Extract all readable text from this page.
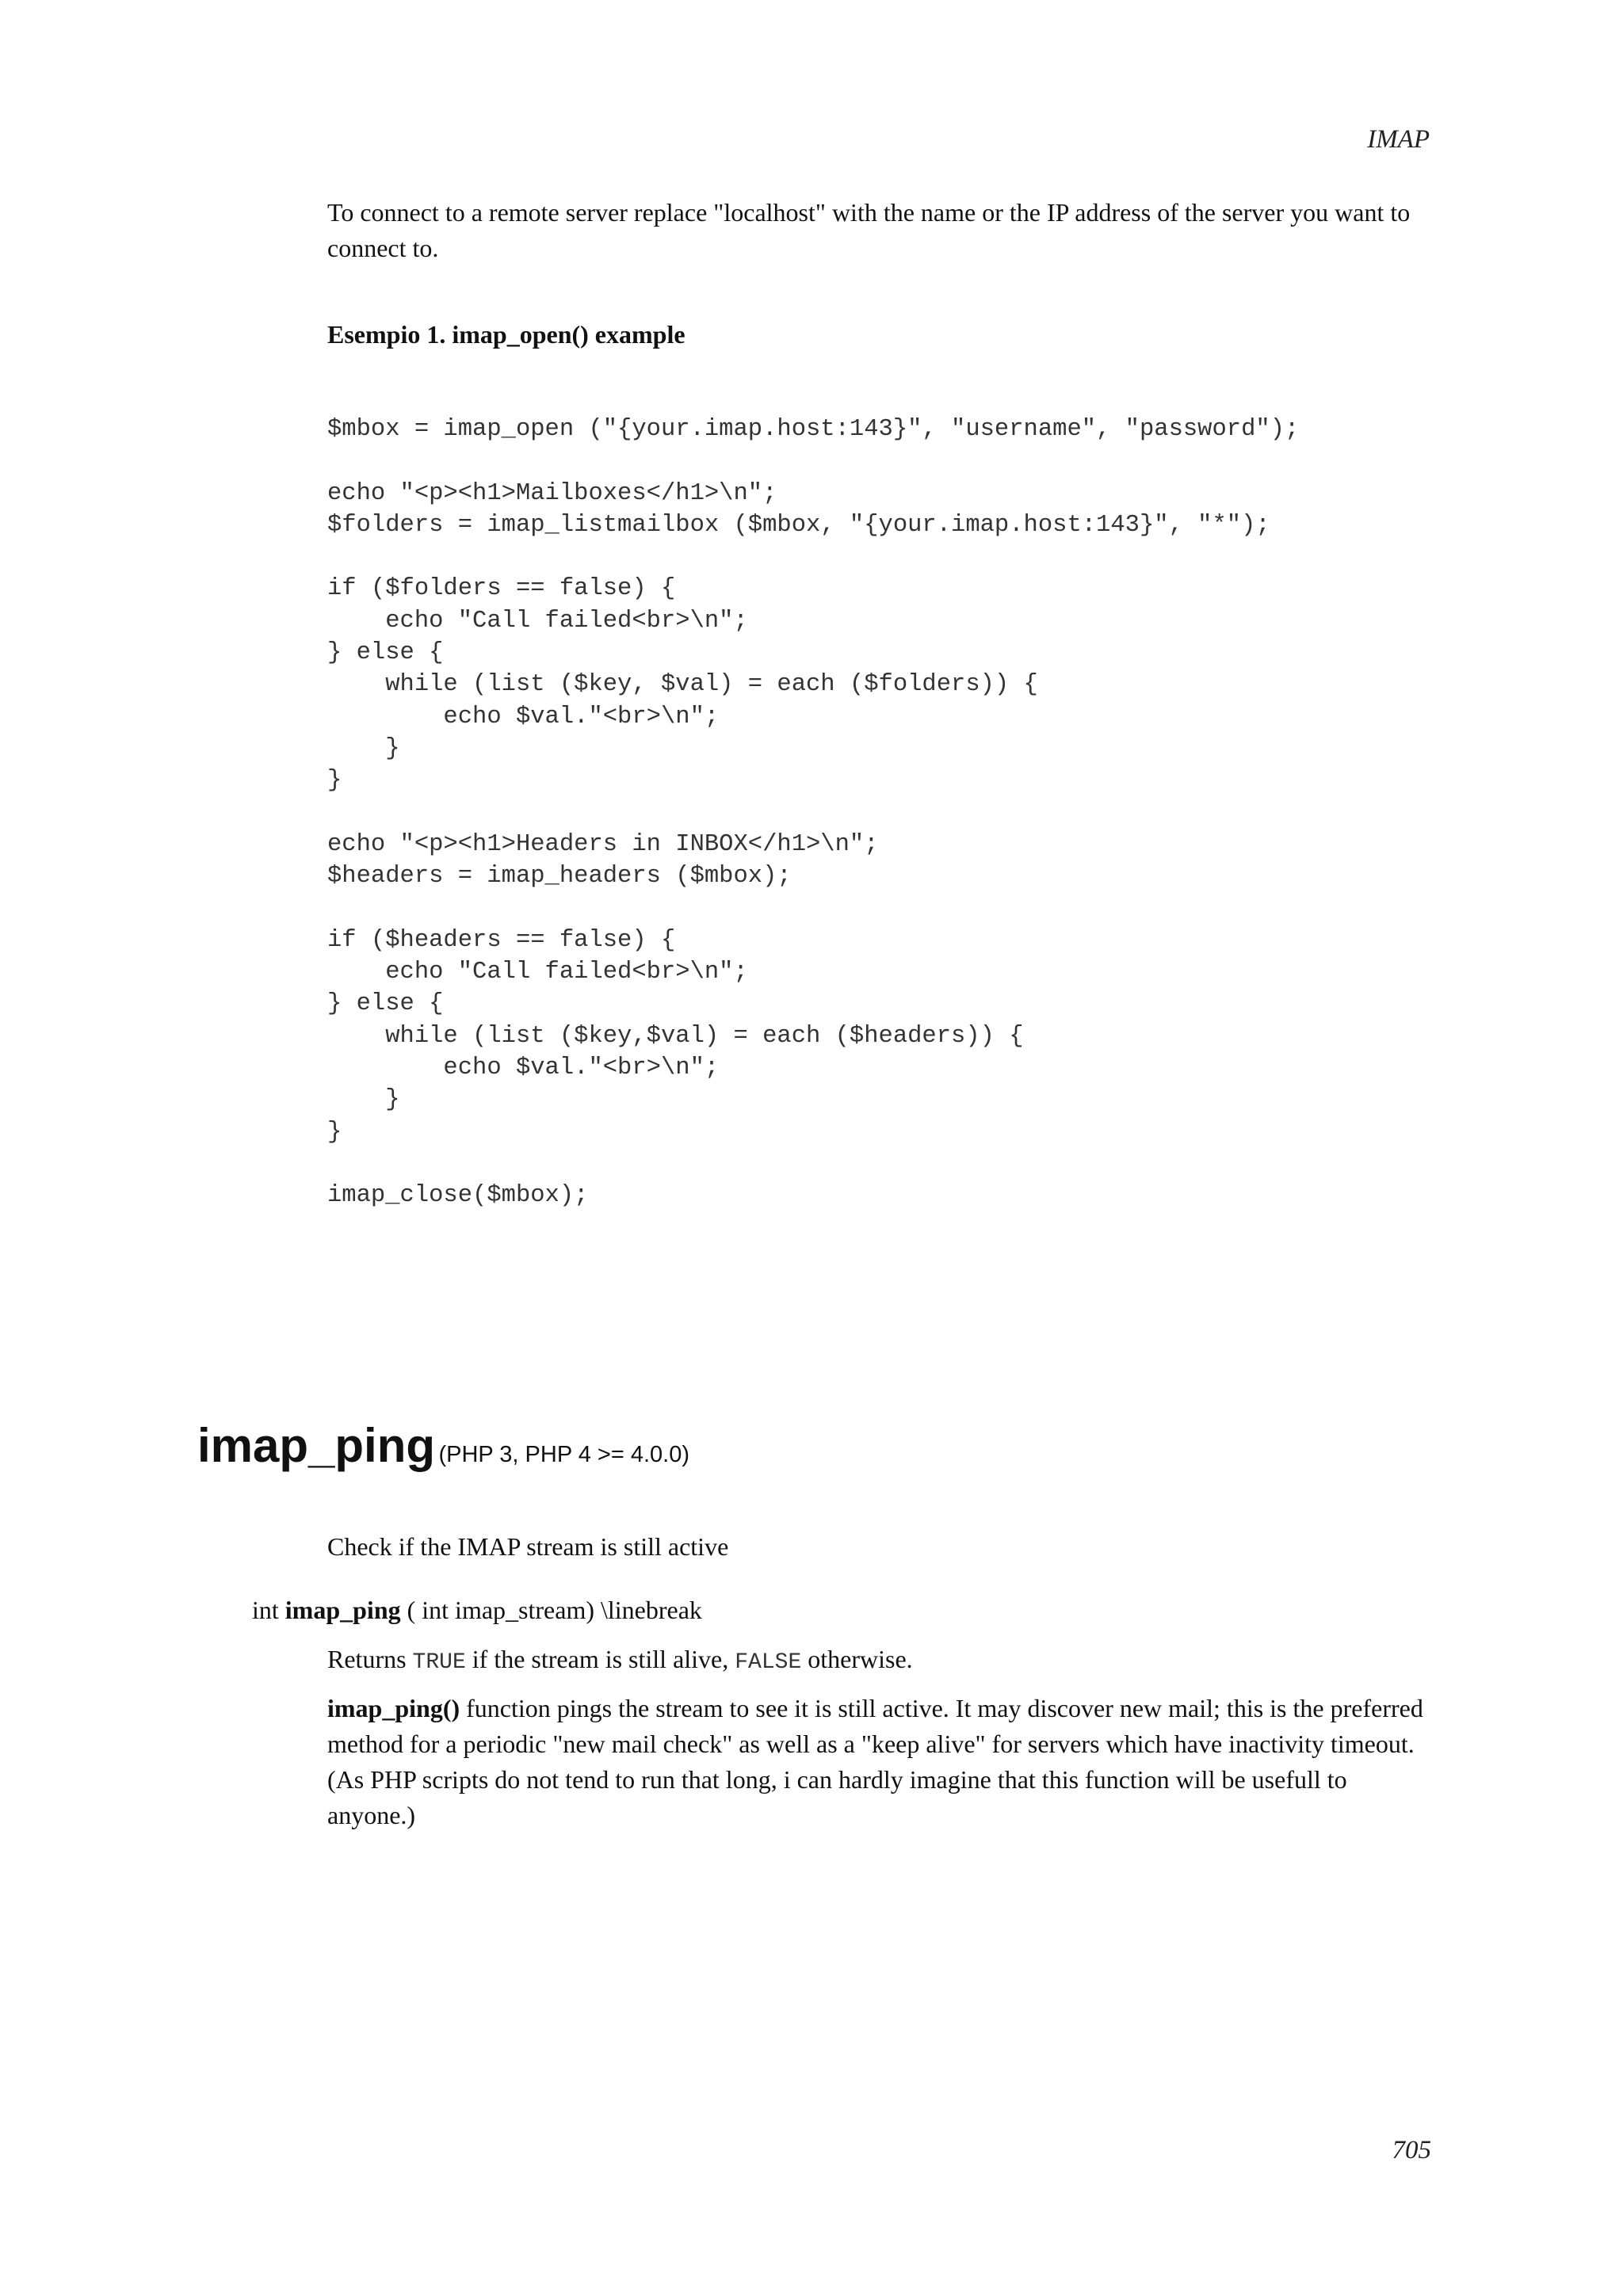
IMAP

To connect to a remote server replace "localhost" with the name or the IP address of the server you want to connect to.

Esempio 1. imap_open() example
$mbox = imap_open ("{your.imap.host:143}", "username", "password");

echo "<p><h1>Mailboxes</h1>\n";
$folders = imap_listmailbox ($mbox, "{your.imap.host:143}", "*");

if ($folders == false) {
echo "Call failed<br>\n";
} else {
while (list ($key, $val) = each ($folders)) {
echo $val."<br>\n";
}
}

echo "<p><h1>Headers in INBOX</h1>\n";
$headers = imap_headers ($mbox);

if ($headers == false) {
echo "Call failed<br>\n";
} else {
while (list ($key,$val) = each ($headers)) {
echo $val."<br>\n";
}
}

imap_close($mbox);
imap_ping (PHP 3, PHP 4 >= 4.0.0)

Check if the IMAP stream is still active

int imap_ping ( int imap_stream) \linebreak

Returns TRUE if the stream is still alive, FALSE otherwise.

imap_ping() function pings the stream to see it is still active. It may discover new mail; this is the preferred method for a periodic "new mail check" as well as a "keep alive" for servers which have inactivity timeout. (As PHP scripts do not tend to run that long, i can hardly imagine that this function will be usefull to anyone.)

705
